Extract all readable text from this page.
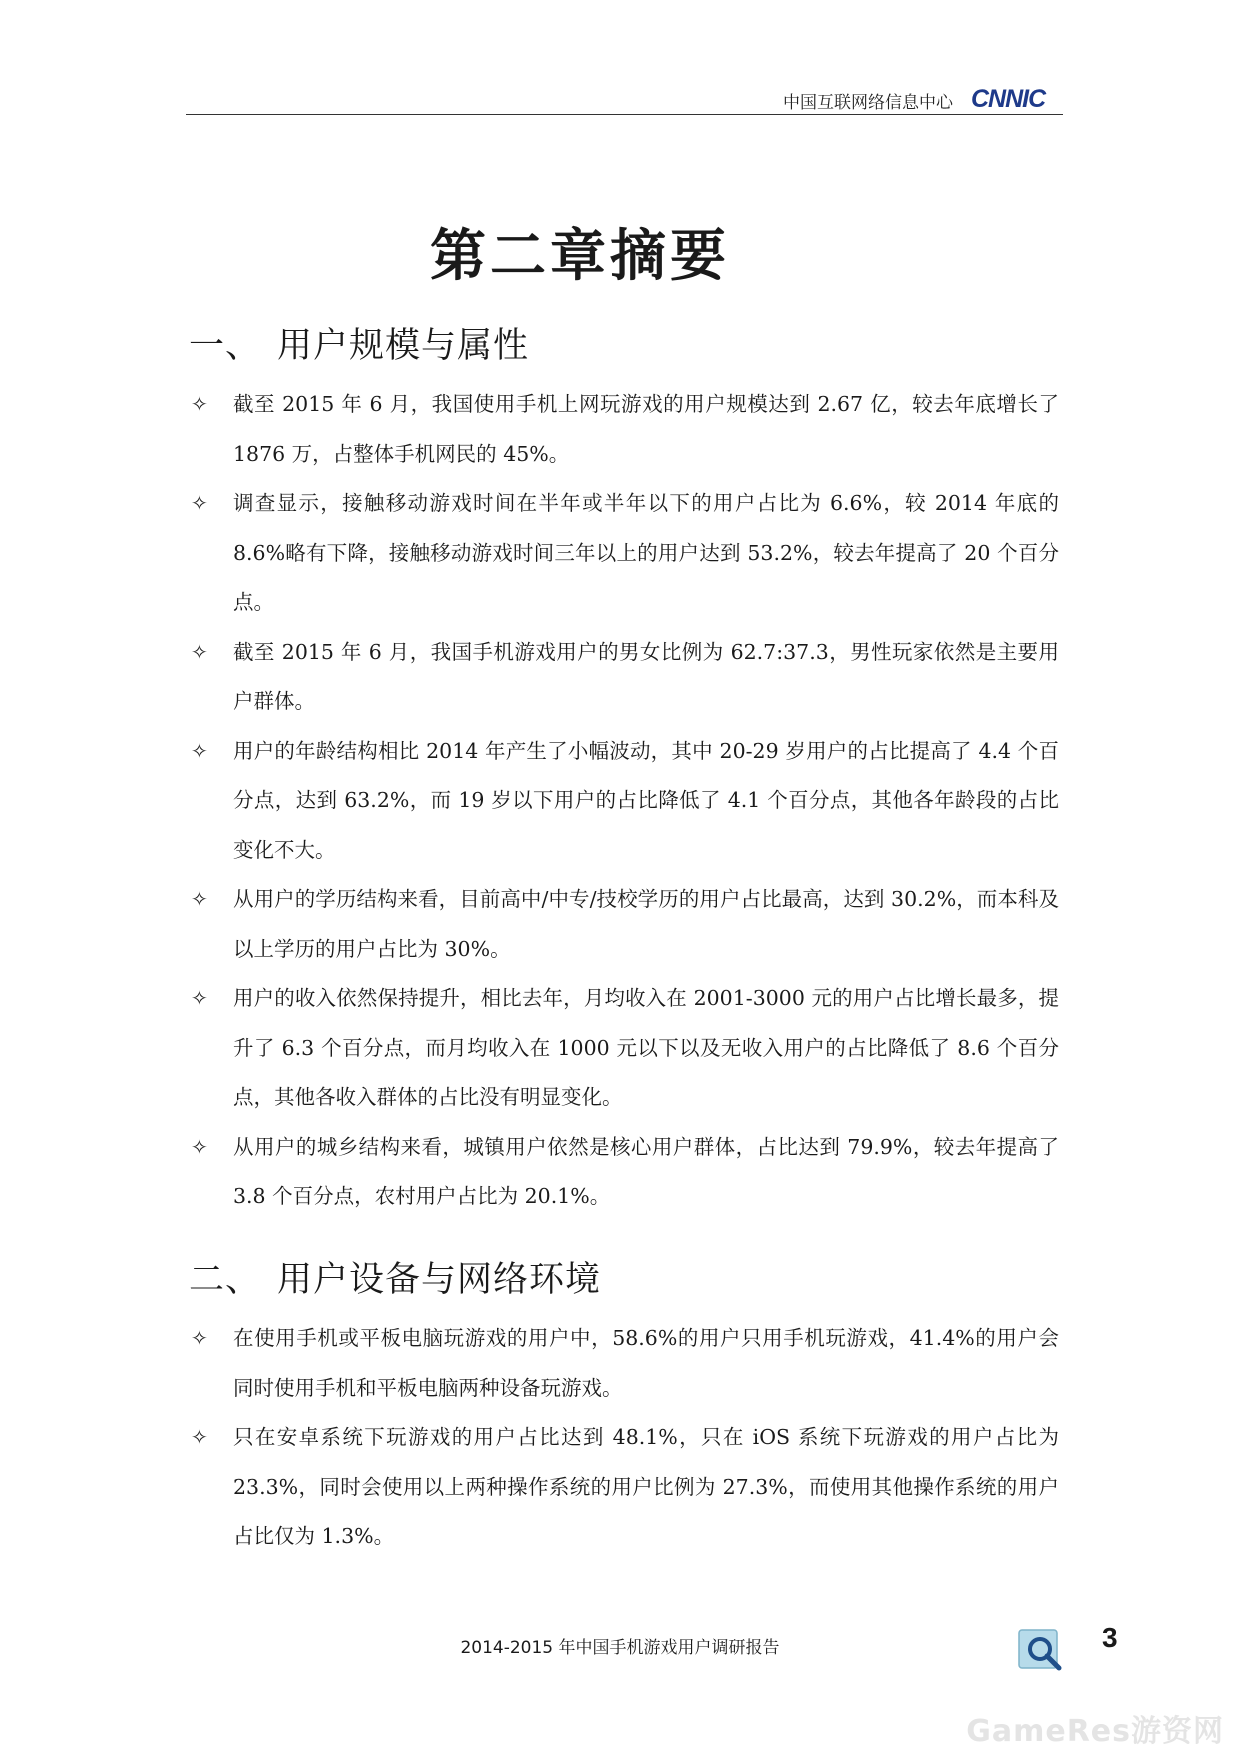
中国互联网络信息中心 CNNIC
第二章摘要
一、 用户规模与属性
✧ 截至 2015 年 6 月，我国使用手机上网玩游戏的用户规模达到 2.67 亿，较去年底增长了 1876 万，占整体手机网民的 45%。
✧ 调查显示，接触移动游戏时间在半年或半年以下的用户占比为 6.6%，较 2014 年底的 8.6%略有下降，接触移动游戏时间三年以上的用户达到 53.2%，较去年提高了 20 个百分点。
✧ 截至 2015 年 6 月，我国手机游戏用户的男女比例为 62.7:37.3，男性玩家依然是主要用户群体。
✧ 用户的年龄结构相比 2014 年产生了小幅波动，其中 20-29 岁用户的占比提高了 4.4 个百分点，达到 63.2%，而 19 岁以下用户的占比降低了 4.1 个百分点，其他各年龄段的占比变化不大。
✧ 从用户的学历结构来看，目前高中/中专/技校学历的用户占比最高，达到 30.2%，而本科及以上学历的用户占比为 30%。
✧ 用户的收入依然保持提升，相比去年，月均收入在 2001-3000 元的用户占比增长最多，提升了 6.3 个百分点，而月均收入在 1000 元以下以及无收入用户的占比降低了 8.6 个百分点，其他各收入群体的占比没有明显变化。
✧ 从用户的城乡结构来看，城镇用户依然是核心用户群体，占比达到 79.9%，较去年提高了 3.8 个百分点，农村用户占比为 20.1%。
二、 用户设备与网络环境
✧ 在使用手机或平板电脑玩游戏的用户中，58.6%的用户只用手机玩游戏，41.4%的用户会同时使用手机和平板电脑两种设备玩游戏。
✧ 只在安卓系统下玩游戏的用户占比达到 48.1%，只在 iOS 系统下玩游戏的用户占比为 23.3%，同时会使用以上两种操作系统的用户比例为 27.3%，而使用其他操作系统的用户占比仅为 1.3%。
2014-2015 年中国手机游戏用户调研报告	3
GameRes游资网
